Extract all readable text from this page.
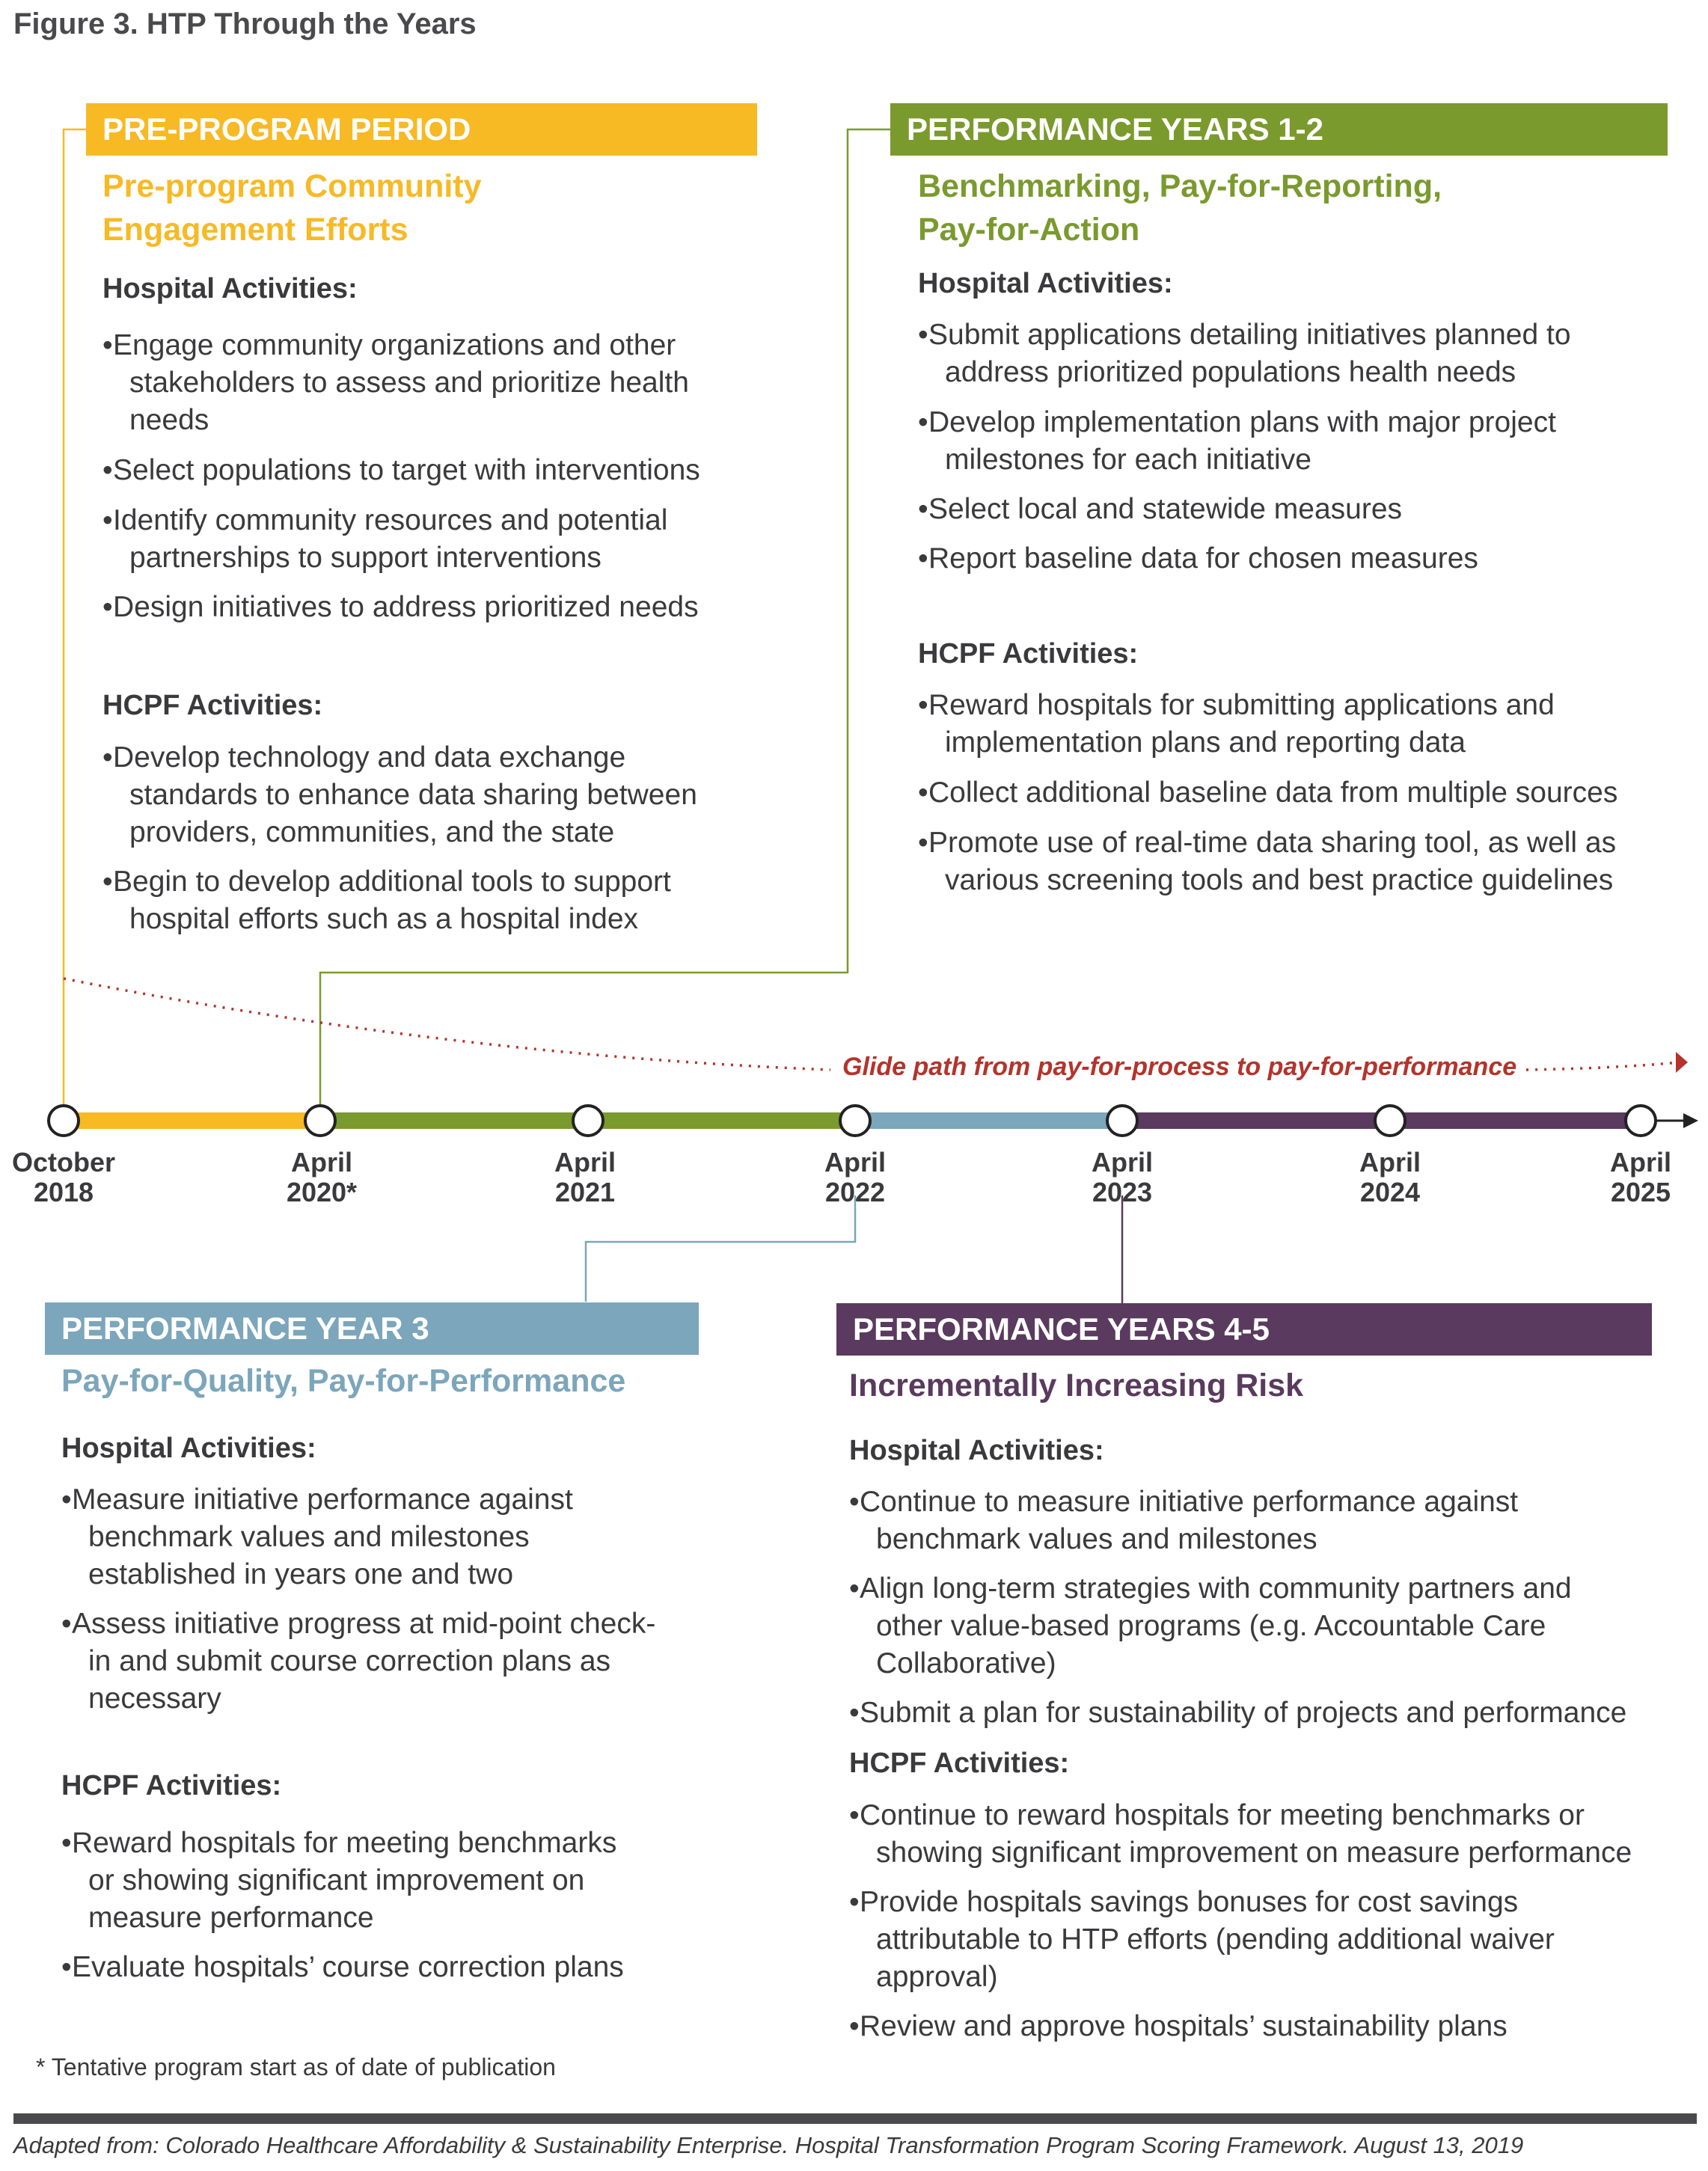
Figure 3. HTP Through the Years
Glide path from pay-for-process to pay-for-performance
October
2018
April
2020*
April
2021
April
2022
April
2023
April
2024
April
2025
PRE-PROGRAM PERIOD
Pre-program Community
Engagement Efforts
Hospital Activities:
• Engage community organizations and other
stakeholders to assess and prioritize health
needs
• Select populations to target with interventions
• Identify community resources and potential
partnerships to support interventions
• Design initiatives to address prioritized needs
HCPF Activities:
• Develop technology and data exchange
standards to enhance data sharing between
providers, communities, and the state
• Begin to develop additional tools to support
hospital efforts such as a hospital index
PERFORMANCE YEARS 1-2
Benchmarking, Pay-for-Reporting,
Pay-for-Action
Hospital Activities:
• Submit applications detailing initiatives planned to
address prioritized populations health needs
• Develop implementation plans with major project
milestones for each initiative
• Select local and statewide measures
• Report baseline data for chosen measures
HCPF Activities:
• Reward hospitals for submitting applications and
implementation plans and reporting data
• Collect additional baseline data from multiple sources
• Promote use of real-time data sharing tool, as well as
various screening tools and best practice guidelines
PERFORMANCE YEAR 3
Pay-for-Quality, Pay-for-Performance
Hospital Activities:
• Measure initiative performance against
benchmark values and milestones
established in years one and two
• Assess initiative progress at mid-point check-
in and submit course correction plans as
necessary
HCPF Activities:
• Reward hospitals for meeting benchmarks
or showing significant improvement on
measure performance
• Evaluate hospitals’ course correction plans
PERFORMANCE YEARS 4-5
Incrementally Increasing Risk
Hospital Activities:
• Continue to measure initiative performance against
benchmark values and milestones
• Align long-term strategies with community partners and
other value-based programs (e.g. Accountable Care
Collaborative)
• Submit a plan for sustainability of projects and performance
HCPF Activities:
• Continue to reward hospitals for meeting benchmarks or
showing significant improvement on measure performance
• Provide hospitals savings bonuses for cost savings
attributable to HTP efforts (pending additional waiver
approval)
• Review and approve hospitals’ sustainability plans
* Tentative program start as of date of publication
Adapted from: Colorado Healthcare Affordability & Sustainability Enterprise. Hospital Transformation Program Scoring Framework. August 13, 2019
